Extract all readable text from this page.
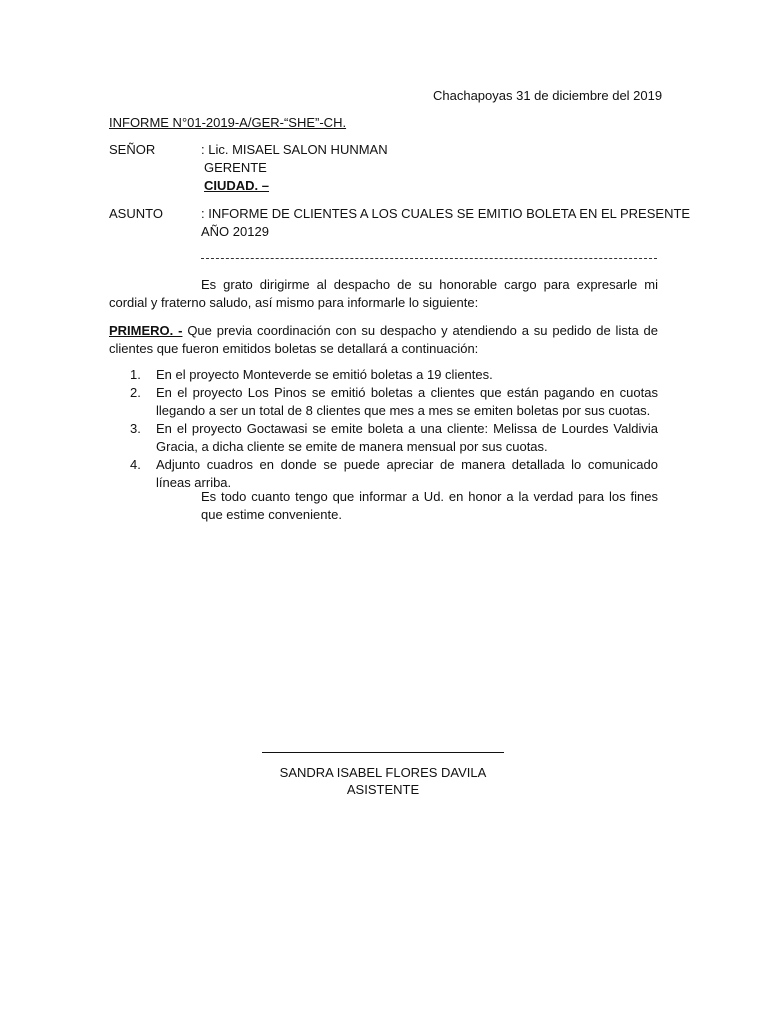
Chachapoyas 31 de diciembre del 2019
INFORME N°01-2019-A/GER-“SHE”-CH.
SEÑOR	: Lic. MISAEL SALON HUNMAN
GERENTE
CIUDAD. –
ASUNTO	: INFORME DE CLIENTES A LOS CUALES SE EMITIO BOLETA EN EL PRESENTE
AÑO 20129
Es grato dirigirme al despacho de su honorable cargo para expresarle mi cordial y fraterno saludo, así mismo para informarle lo siguiente:
PRIMERO. - Que previa coordinación con su despacho y atendiendo a su pedido de lista de clientes que fueron emitidos boletas se detallará a continuación:
1. En el proyecto Monteverde se emitió boletas a 19 clientes.
2. En el proyecto Los Pinos se emitió boletas a clientes que están pagando en cuotas llegando a ser un total de 8 clientes que mes a mes se emiten boletas por sus cuotas.
3. En el proyecto Goctawasi se emite boleta a una cliente: Melissa de Lourdes Valdivia Gracia, a dicha cliente se emite de manera mensual por sus cuotas.
4. Adjunto cuadros en donde se puede apreciar de manera detallada lo comunicado líneas arriba.
Es todo cuanto tengo que informar a Ud. en honor a la verdad para los fines que estime conveniente.
SANDRA ISABEL FLORES DAVILA
ASISTENTE
